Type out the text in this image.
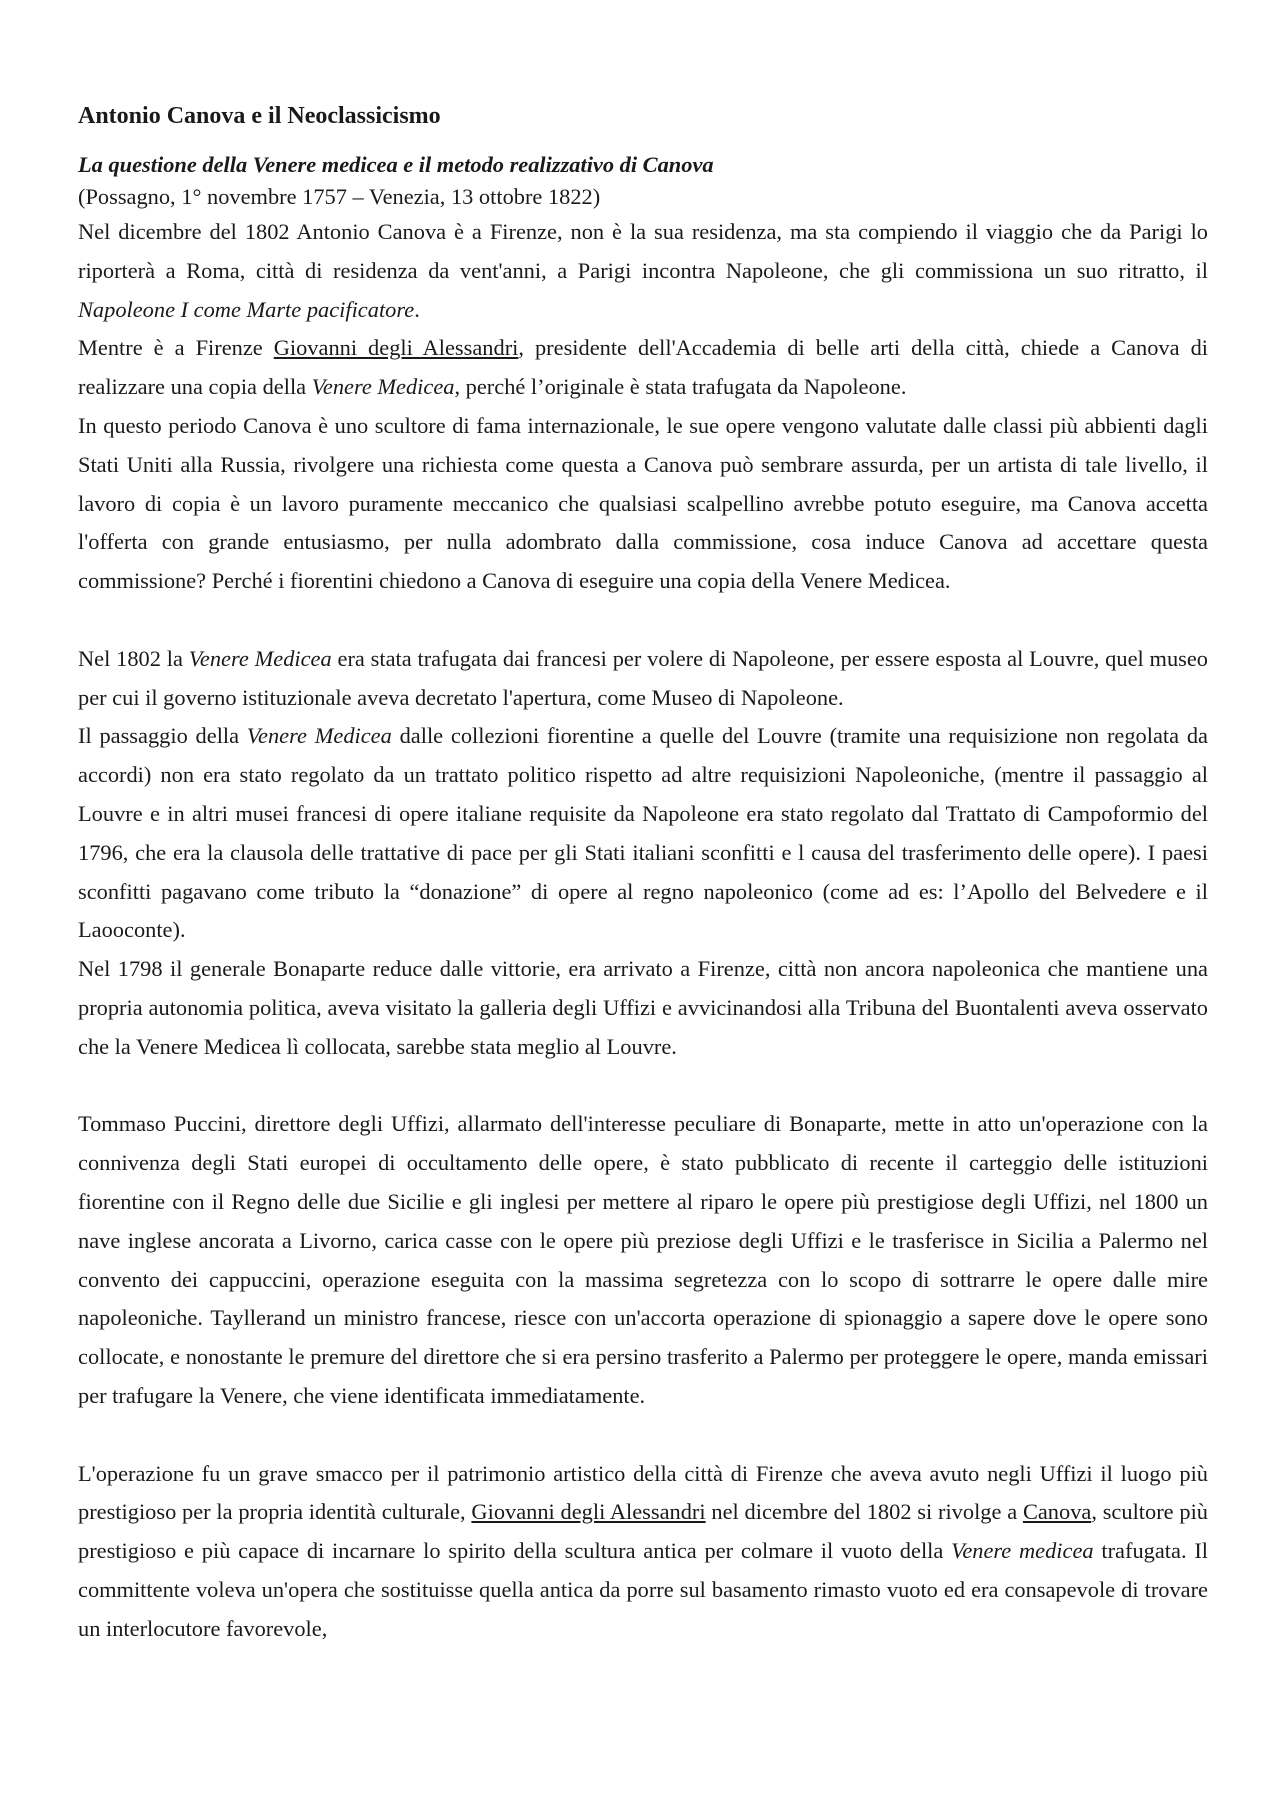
Antonio Canova e il Neoclassicismo
La questione della Venere medicea e il metodo realizzativo di Canova
(Possagno, 1° novembre 1757 – Venezia, 13 ottobre 1822)

Nel dicembre del 1802 Antonio Canova è a Firenze, non è la sua residenza, ma sta compiendo il viaggio che da Parigi lo riporterà a Roma, città di residenza da vent'anni, a Parigi incontra Napoleone, che gli commissiona un suo ritratto, il Napoleone I come Marte pacificatore.

Mentre è a Firenze Giovanni degli Alessandri, presidente dell'Accademia di belle arti della città, chiede a Canova di realizzare una copia della Venere Medicea, perché l’originale è stata trafugata da Napoleone.

In questo periodo Canova è uno scultore di fama internazionale, le sue opere vengono valutate dalle classi più abbienti dagli Stati Uniti alla Russia, rivolgere una richiesta come questa a Canova può sembrare assurda, per un artista di tale livello, il lavoro di copia è un lavoro puramente meccanico che qualsiasi scalpellino avrebbe potuto eseguire, ma Canova accetta l'offerta con grande entusiasmo, per nulla adombrato dalla commissione, cosa induce Canova ad accettare questa commissione? Perché i fiorentini chiedono a Canova di eseguire una copia della Venere Medicea.

Nel 1802 la Venere Medicea era stata trafugata dai francesi per volere di Napoleone, per essere esposta al Louvre, quel museo per cui il governo istituzionale aveva decretato l'apertura, come Museo di Napoleone.

Il passaggio della Venere Medicea dalle collezioni fiorentine a quelle del Louvre (tramite una requisizione non regolata da accordi) non era stato regolato da un trattato politico rispetto ad altre requisizioni Napoleoniche, (mentre il passaggio al Louvre e in altri musei francesi di opere italiane requisite da Napoleone era stato regolato dal Trattato di Campoformio del 1796, che era la clausola delle trattative di pace per gli Stati italiani sconfitti e l causa del trasferimento delle opere). I paesi sconfitti pagavano come tributo la “donazione” di opere al regno napoleonico (come ad es: l’Apollo del Belvedere e il Laooconte).

Nel 1798 il generale Bonaparte reduce dalle vittorie, era arrivato a Firenze, città non ancora napoleonica che mantiene una propria autonomia politica, aveva visitato la galleria degli Uffizi e avvicinandosi alla Tribuna del Buontalenti aveva osservato che la Venere Medicea lì collocata, sarebbe stata meglio al Louvre.

Tommaso Puccini, direttore degli Uffizi, allarmato dell'interesse peculiare di Bonaparte, mette in atto un'operazione con la connivenza degli Stati europei di occultamento delle opere, è stato pubblicato di recente il carteggio delle istituzioni fiorentine con il Regno delle due Sicilie e gli inglesi per mettere al riparo le opere più prestigiose degli Uffizi, nel 1800 un nave inglese ancorata a Livorno, carica casse con le opere più preziose degli Uffizi e le trasferisce in Sicilia a Palermo nel convento dei cappuccini, operazione eseguita con la massima segretezza con lo scopo di sottrarre le opere dalle mire napoleoniche. Tayllerand un ministro francese, riesce con un'accorta operazione di spionaggio a sapere dove le opere sono collocate, e nonostante le premure del direttore che si era persino trasferito a Palermo per proteggere le opere, manda emissari per trafugare la Venere, che viene identificata immediatamente.

L'operazione fu un grave smacco per il patrimonio artistico della città di Firenze che aveva avuto negli Uffizi il luogo più prestigioso per la propria identità culturale, Giovanni degli Alessandri nel dicembre del 1802 si rivolge a Canova, scultore più prestigioso e più capace di incarnare lo spirito della scultura antica per colmare il vuoto della Venere medicea trafugata. Il committente voleva un'opera che sostituisse quella antica da porre sul basamento rimasto vuoto ed era consapevole di trovare un interlocutore favorevole,
